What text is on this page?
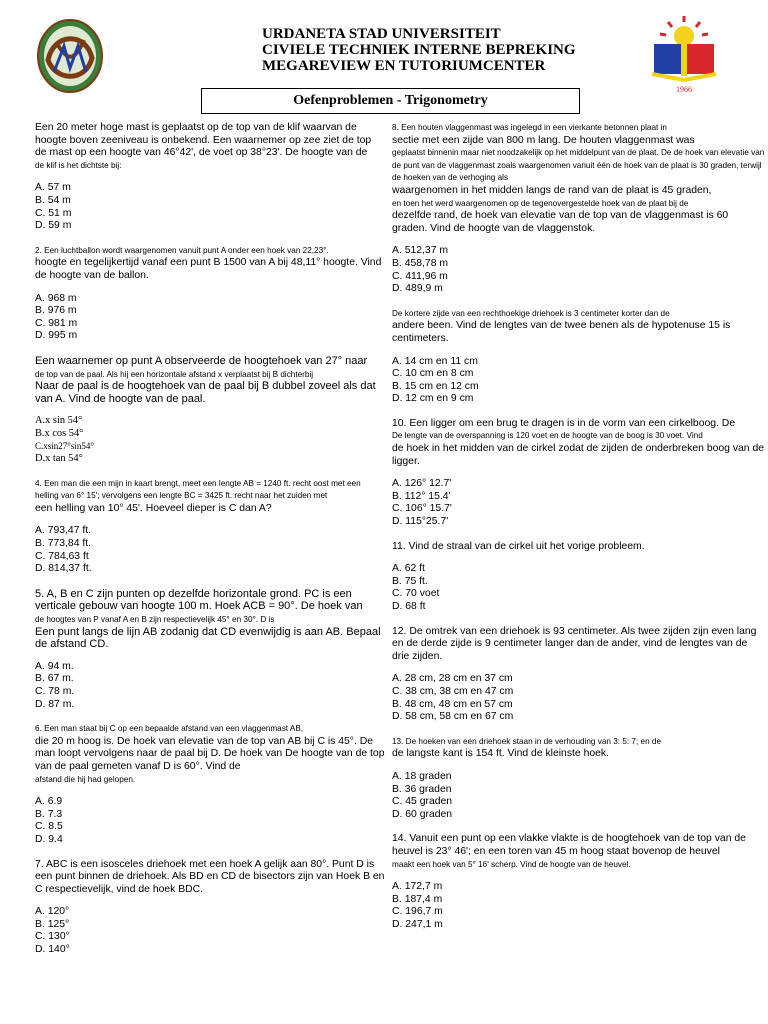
URDANETA STAD UNIVERSITEIT
CIVIELE TECHNIEK INTERNE BEPREKING
MEGAREVIEW EN TUTORIUMCENTER
1966
Oefenproblemen - Trigonometry
Een 20 meter hoge mast is geplaatst op de top van de klif waarvan de hoogte boven zeeniveau is onbekend. Een waarnemer op zee ziet de top de mast op een hoogte van 46°42', de voet op 38°23'. De hoogte van de
de klif is het dichtste bij:
A. 57 m
B. 54 m
C. 51 m
D. 59 m
2. Een luchtballon wordt waargenomen vanuit punt A onder een hoek van 22,23°.
hoogte en tegelijkertijd vanaf een punt B 1500 van A bij 48,11° hoogte. Vind de hoogte van de ballon.
A. 968 m
B. 976 m
C. 981 m
D. 995 m
Een waarnemer op punt A observeerde de hoogtehoek van 27° naar
de top van de paal. Als hij een horizontale afstand x verplaatst bij B dichterbij
Naar de paal is de hoogtehoek van de paal bij B dubbel zoveel als dat van A. Vind de hoogte van de paal.
A.x sin 54°
B.x cos 54°
C.xsin27°sin54°
D.x tan 54°
4. Een man die een mijn in kaart brengt, meet een lengte AB = 1240 ft. recht oost met een helling van 6° 15'; vervolgens een lengte BC = 3425 ft. recht naar het zuiden met
een helling van 10° 45'. Hoeveel dieper is C dan A?
A. 793,47 ft.
B. 773,84 ft.
C. 784,63 ft
D. 814,37 ft.
5. A, B en C zijn punten op dezelfde horizontale grond. PC is een verticale gebouw van hoogte 100 m. Hoek ACB = 90°. De hoek van
de hoogtes van P vanaf A en B zijn respectievelijk 45° en 30°. D is
Een punt langs de lijn AB zodanig dat CD evenwijdig is aan AB. Bepaal de afstand CD.
A. 94 m.
B. 67 m.
C. 78 m.
D. 87 m.
6. Een man staat bij C op een bepaalde afstand van een vlaggenmast AB,
die 20 m hoog is. De hoek van elevatie van de top van AB bij C is 45°. De man loopt vervolgens naar de paal bij D. De hoek van De hoogte van de top van de paal gemeten vanaf D is 60°. Vind de
afstand die hij had gelopen.
A. 6.9
B. 7.3
C. 8.5
D. 9.4
7. ABC is een isosceles driehoek met een hoek A gelijk aan 80°. Punt D is een punt binnen de driehoek. Als BD en CD de bisectors zijn van Hoek B en C respectievelijk, vind de hoek BDC.
A. 120°
B. 125°
C. 130°
D. 140°
8. Een houten vlaggenmast was ingelegd in een vierkante betonnen plaat in
sectie met een zijde van 800 m lang. De houten vlaggenmast was
geplaatst binnenin maar niet noodzakelijk op het middelpunt van de plaat. De de hoek van elevatie van de punt van de vlaggenmast zoals waargenomen vanuit één de hoek van de plaat is 30 graden, terwijl de hoeken van de verhoging als
waargenomen in het midden langs de rand van de plaat is 45 graden,
en toen het werd waargenomen op de tegenovergestelde hoek van de plaat bij de
dezelfde rand, de hoek van elevatie van de top van de vlaggenmast is 60 graden. Vind de hoogte van de vlaggenstok.
A. 512,37 m
B. 458,78 m
C. 411,96 m
D. 489,9 m
De kortere zijde van een rechthoekige driehoek is 3 centimeter korter dan de
andere been. Vind de lengtes van de twee benen als de hypotenuse 15 is centimeters.
A. 14 cm en 11 cm
C. 10 cm en 8 cm
B. 15 cm en 12 cm
D. 12 cm en 9 cm
10. Een ligger om een brug te dragen is in de vorm van een cirkelboog. De
De lengte van de overspanning is 120 voet en de hoogte van de boog is 30 voet. Vind
de hoek in het midden van de cirkel zodat de zijden de onderbreken boog van de ligger.
A. 126° 12.7'
B. 112° 15.4'
C. 106° 15.7'
D. 115°25.7'
11. Vind de straal van de cirkel uit het vorige probleem.
A. 62 ft
B. 75 ft.
C. 70 voet
D. 68 ft
12. De omtrek van een driehoek is 93 centimeter. Als twee zijden zijn even lang en de derde zijde is 9 centimeter langer dan de ander, vind de lengtes van de drie zijden.
A. 28 cm, 28 cm en 37 cm
C. 38 cm, 38 cm en 47 cm
B. 48 cm, 48 cm en 57 cm
D. 58 cm, 58 cm en 67 cm
13. De hoeken van een driehoek staan in de verhouding van 3: 5: 7; en de
de langste kant is 154 ft. Vind de kleinste hoek.
A. 18 graden
B. 36 graden
C. 45 graden
D. 60 graden
14. Vanuit een punt op een vlakke vlakte is de hoogtehoek van de top van de heuvel is 23° 46'; en een toren van 45 m hoog staat bovenop de heuvel
maakt een hoek van 5° 16' scherp. Vind de hoogte van de heuvel.
A. 172,7 m
B. 187,4 m
C. 196,7 m
D. 247,1 m
